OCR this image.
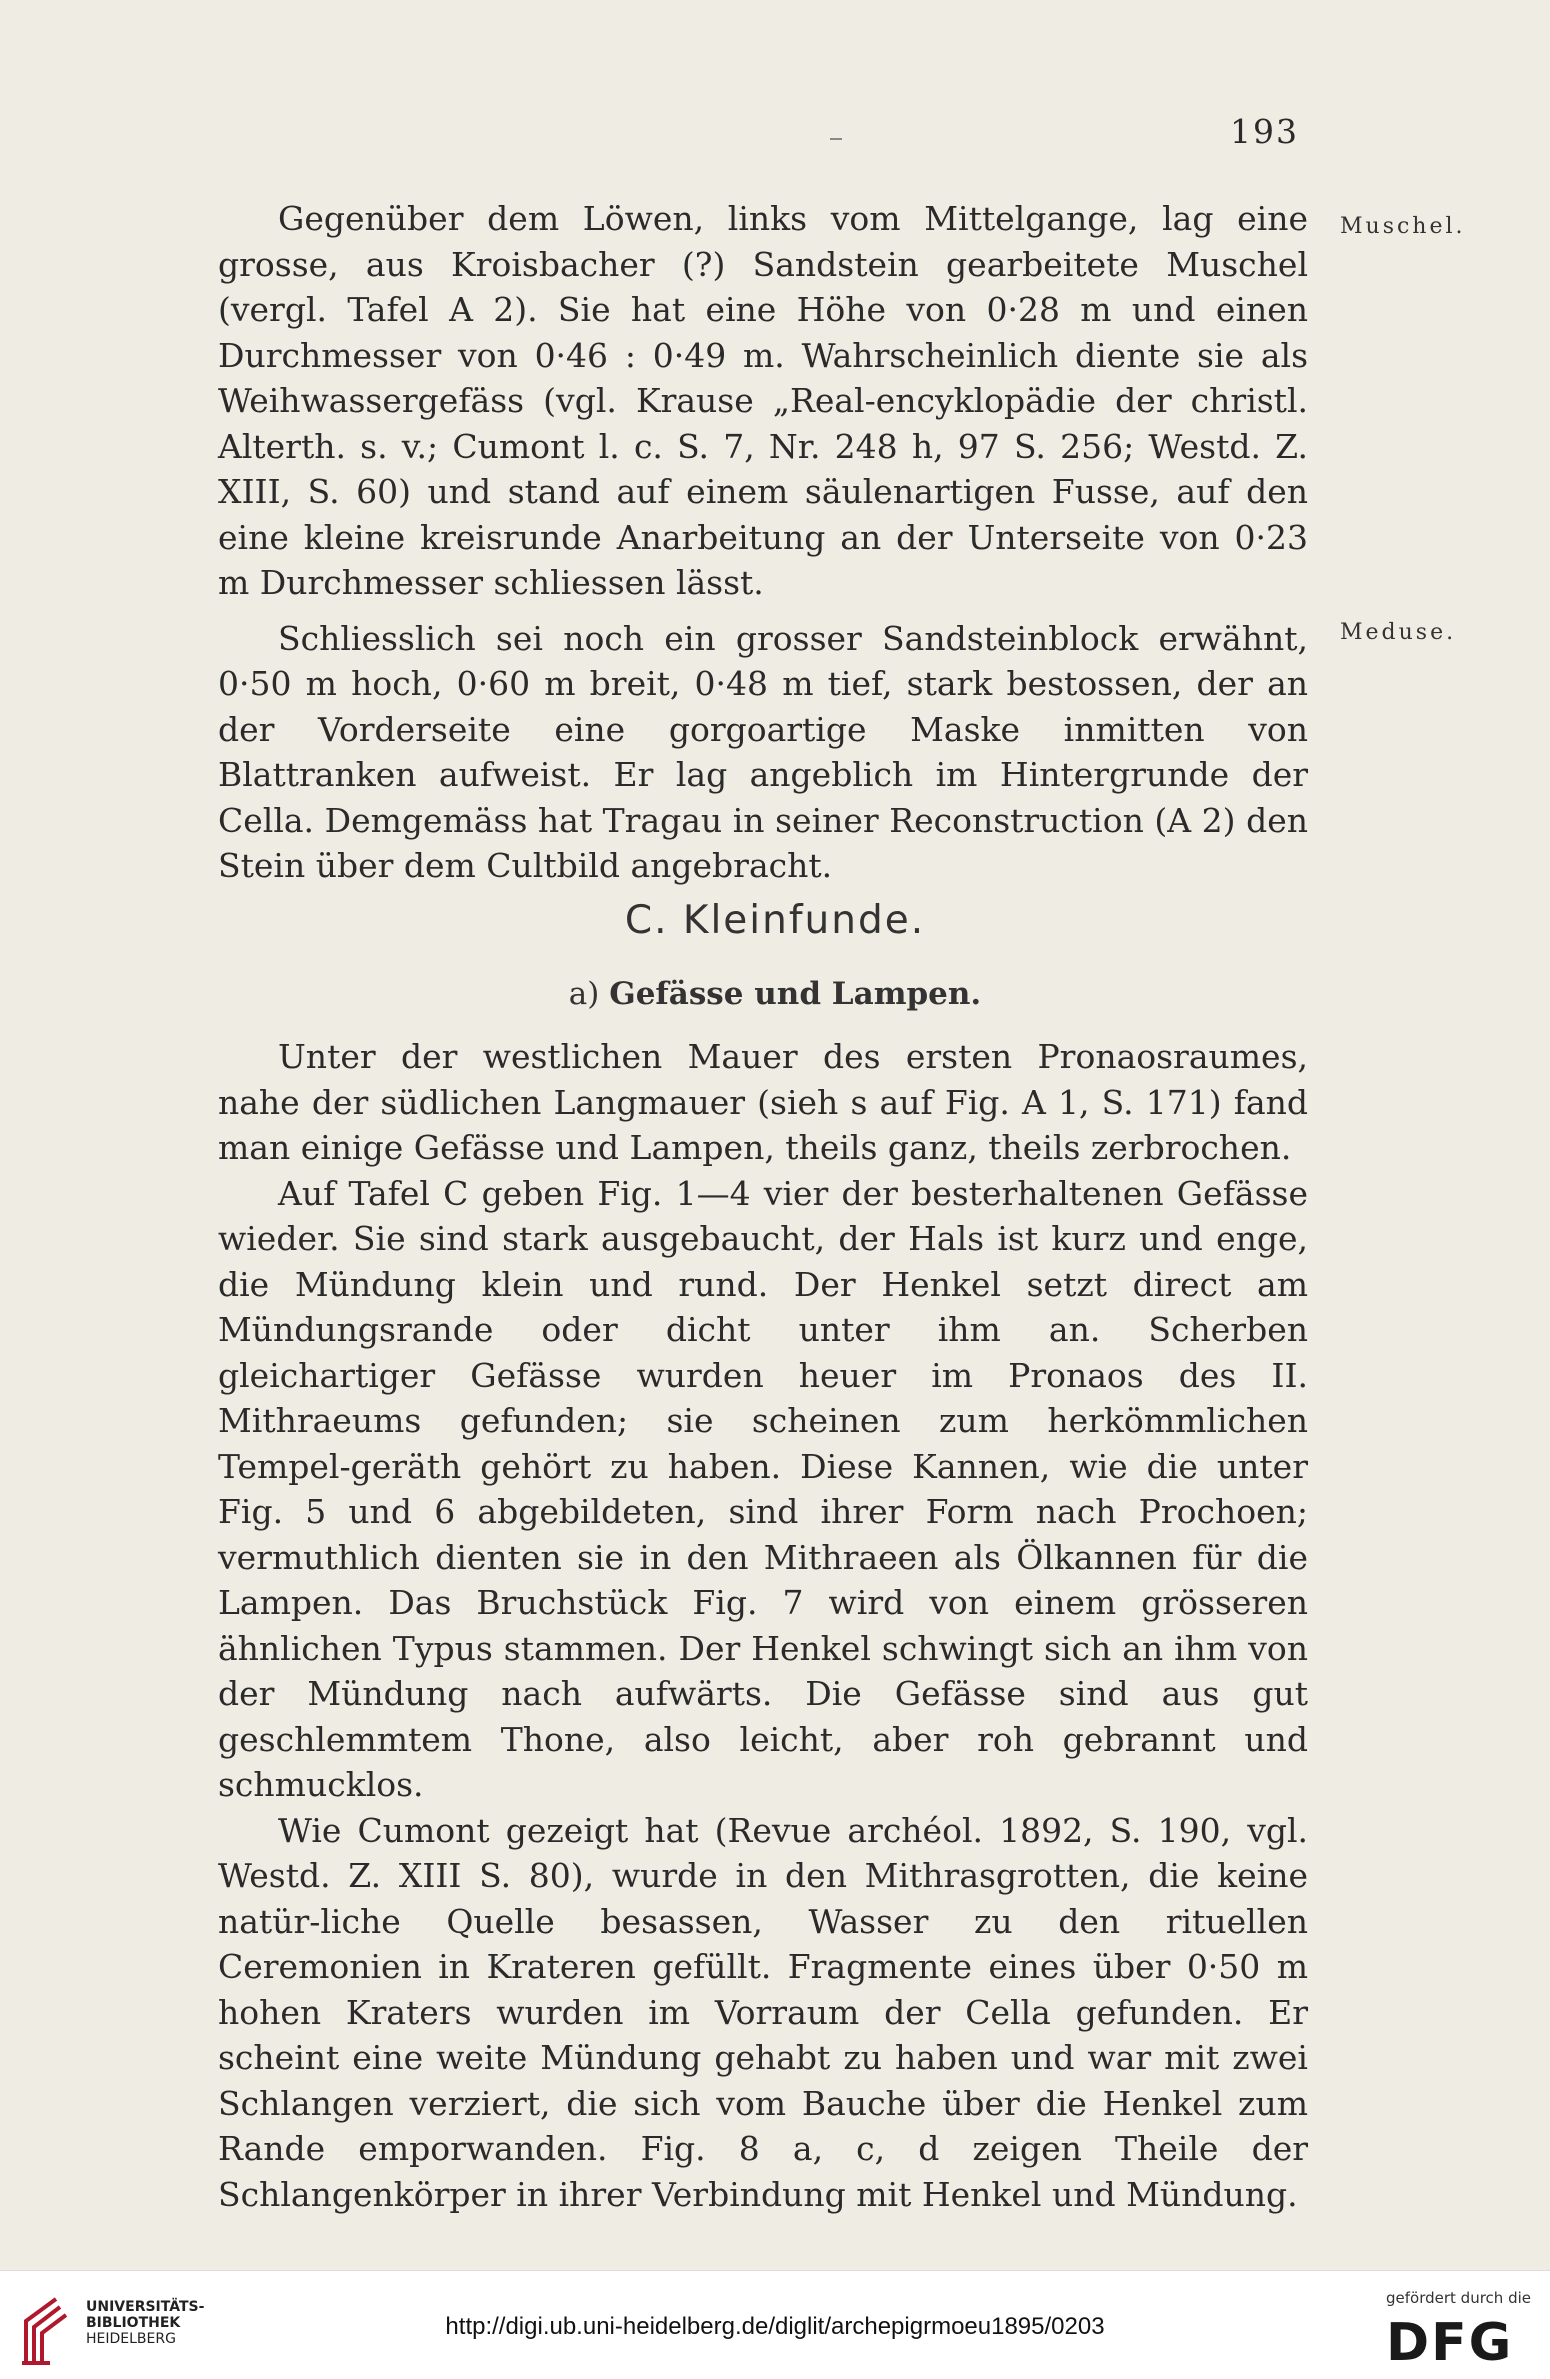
193
Muschel.
Meduse.

Gegenüber dem Löwen, links vom Mittelgange, lag eine grosse, aus Kroisbacher (?) Sandstein gearbeitete Muschel (vergl. Tafel A 2). Sie hat eine Höhe von 0·28 m und einen Durchmesser von 0·46 : 0·49 m. Wahrscheinlich diente sie als Weihwassergefäss (vgl. Krause „Real-encyklopädie der christl. Alterth. s. v.; Cumont l. c. S. 7, Nr. 248 h, 97 S. 256; Westd. Z. XIII, S. 60) und stand auf einem säulenartigen Fusse, auf den eine kleine kreisrunde Anarbeitung an der Unterseite von 0·23 m Durchmesser schliessen lässt.

Schliesslich sei noch ein grosser Sandsteinblock erwähnt, 0·50 m hoch, 0·60 m breit, 0·48 m tief, stark bestossen, der an der Vorderseite eine gorgoartige Maske inmitten von Blattranken aufweist. Er lag angeblich im Hintergrunde der Cella. Demgemäss hat Tragau in seiner Reconstruction (A 2) den Stein über dem Cultbild angebracht.

C. Kleinfunde.
a) Gefässe und Lampen.

Unter der westlichen Mauer des ersten Pronaosraumes, nahe der südlichen Langmauer (sieh s auf Fig. A 1, S. 171) fand man einige Gefässe und Lampen, theils ganz, theils zerbrochen.

Auf Tafel C geben Fig. 1—4 vier der besterhaltenen Gefässe wieder. Sie sind stark ausgebaucht, der Hals ist kurz und enge, die Mündung klein und rund. Der Henkel setzt direct am Mündungsrande oder dicht unter ihm an. Scherben gleichartiger Gefässe wurden heuer im Pronaos des II. Mithraeums gefunden; sie scheinen zum herkömmlichen Tempel-geräth gehört zu haben. Diese Kannen, wie die unter Fig. 5 und 6 abgebildeten, sind ihrer Form nach Prochoen; vermuthlich dienten sie in den Mithraeen als Ölkannen für die Lampen. Das Bruchstück Fig. 7 wird von einem grösseren ähnlichen Typus stammen. Der Henkel schwingt sich an ihm von der Mündung nach aufwärts. Die Gefässe sind aus gut geschlemmtem Thone, also leicht, aber roh gebrannt und schmucklos.

Wie Cumont gezeigt hat (Revue archéol. 1892, S. 190, vgl. Westd. Z. XIII S. 80), wurde in den Mithrasgrotten, die keine natür-liche Quelle besassen, Wasser zu den rituellen Ceremonien in Krateren gefüllt. Fragmente eines über 0·50 m hohen Kraters wurden im Vorraum der Cella gefunden. Er scheint eine weite Mündung gehabt zu haben und war mit zwei Schlangen verziert, die sich vom Bauche über die Henkel zum Rande emporwanden. Fig. 8 a, c, d zeigen Theile der Schlangenkörper in ihrer Verbindung mit Henkel und Mündung.

UNIVERSITÄTS-
BIBLIOTHEK
HEIDELBERG	http://digi.ub.uni-heidelberg.de/diglit/archepigrmoeu1895/0203
gefördert durch die
DFG
